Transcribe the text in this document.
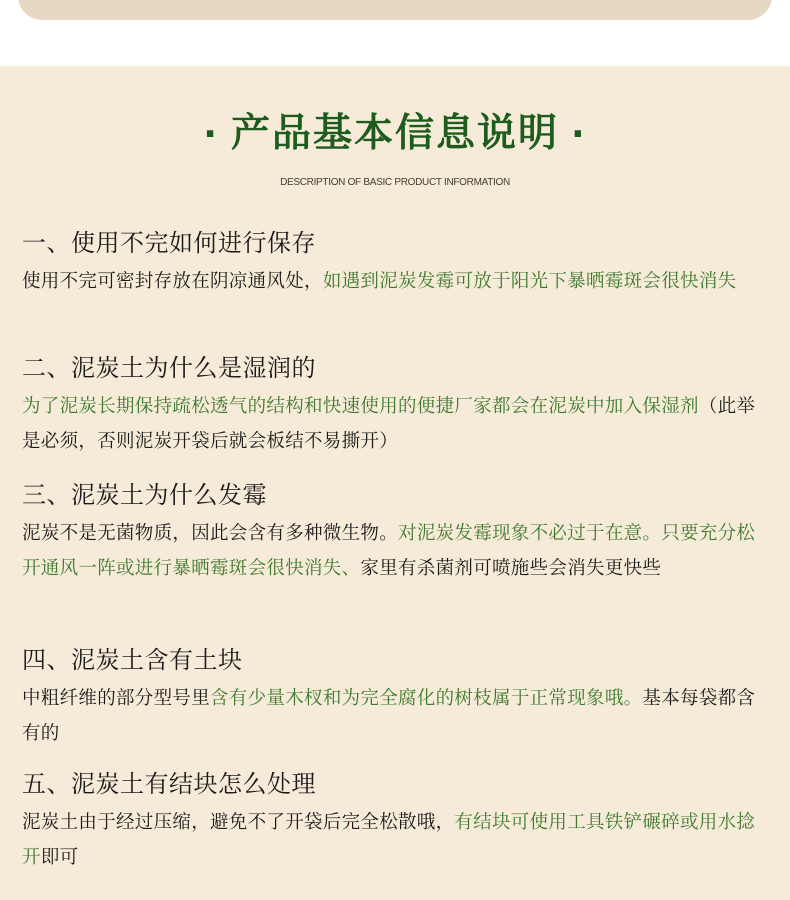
· 产品基本信息说明 ·
DESCRIPTION OF BASIC PRODUCT INFORMATION
一、使用不完如何进行保存
使用不完可密封存放在阴凉通风处，如遇到泥炭发霉可放于阳光下暴晒霉斑会很快消失
二、泥炭土为什么是湿润的
为了泥炭长期保持疏松透气的结构和快速使用的便捷厂家都会在泥炭中加入保湿剂（此举是必须，否则泥炭开袋后就会板结不易撕开）
三、泥炭土为什么发霉
泥炭不是无菌物质，因此会含有多种微生物。对泥炭发霉现象不必过于在意。只要充分松开通风一阵或进行暴晒霉斑会很快消失、家里有杀菌剂可喷施些会消失更快些
四、泥炭土含有土块
中粗纤维的部分型号里含有少量木杈和为完全腐化的树枝属于正常现象哦。基本每袋都含有的
五、泥炭土有结块怎么处理
泥炭土由于经过压缩，避免不了开袋后完全松散哦，有结块可使用工具铁铲碾碎或用水捻开即可
